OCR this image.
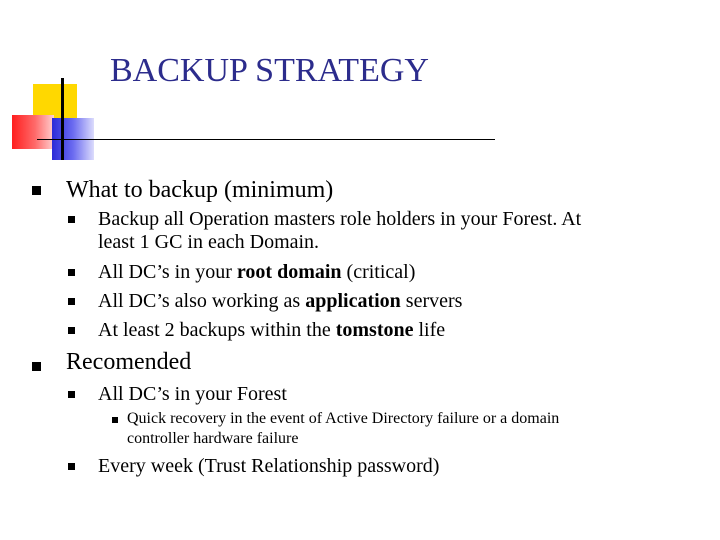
BACKUP STRATEGY
What to backup (minimum)
Backup all Operation masters role holders in your Forest. At
least 1 GC in each Domain.
All DC’s in your root domain (critical)
All DC’s also working as application servers
At least 2 backups within the tomstone life
Recomended
All DC’s in your Forest
Quick recovery in the event of Active Directory failure or a domain
controller hardware failure
Every week (Trust Relationship password)
